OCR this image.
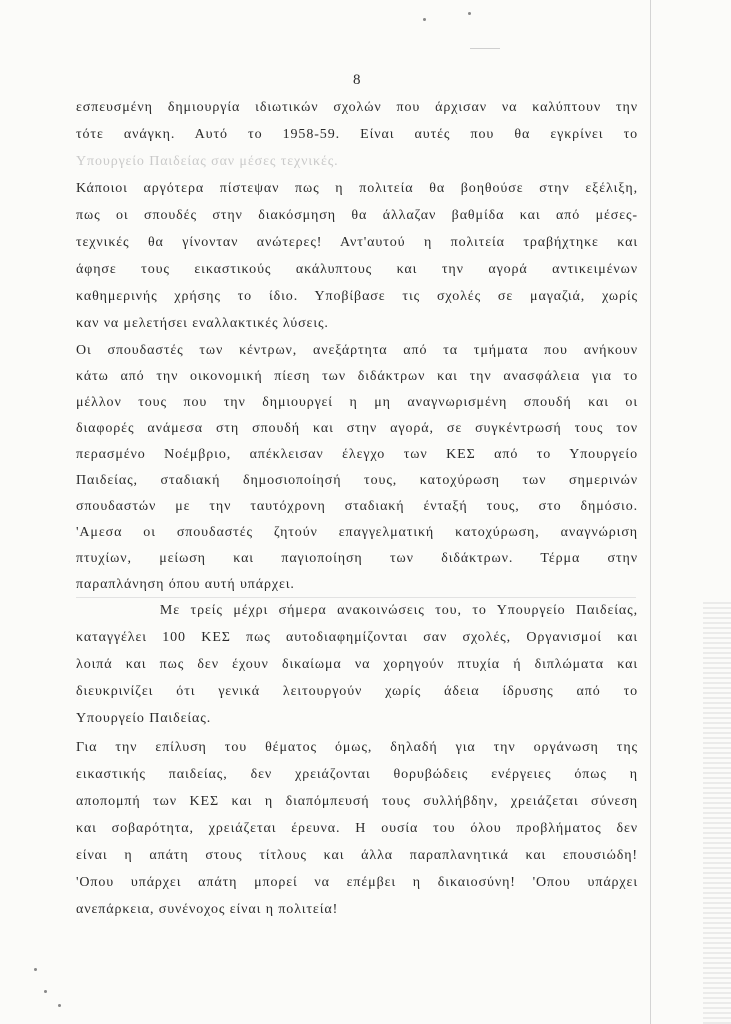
8
εσπευσμένη δημιουργία ιδιωτικών σχολών που άρχισαν να καλύπτουν την
τότε ανάγκη. Αυτό το 1958-59. Είναι αυτές που θα εγκρίνει το
Υπουργείο Παιδείας σαν μέσες τεχνικές.
Κάποιοι αργότερα πίστεψαν πως η πολιτεία θα βοηθούσε στην εξέλιξη,
πως οι σπουδές στην διακόσμηση θα άλλαζαν βαθμίδα και από μέσες-
τεχνικές θα γίνονταν ανώτερες! Αντ'αυτού η πολιτεία τραβήχτηκε και
άφησε τους εικαστικούς ακάλυπτους και την αγορά αντικειμένων
καθημερινής χρήσης το ίδιο. Υποβίβασε τις σχολές σε μαγαζιά, χωρίς
καν να μελετήσει εναλλακτικές λύσεις.
Οι σπουδαστές των κέντρων, ανεξάρτητα από τα τμήματα που ανήκουν
κάτω από την οικονομική πίεση των διδάκτρων και την ανασφάλεια για το
μέλλον τους που την δημιουργεί η μη αναγνωρισμένη σπουδή και οι
διαφορές ανάμεσα στη σπουδή και στην αγορά, σε συγκέντρωσή τους τον
περασμένο Νοέμβριο, απέκλεισαν έλεγχο των ΚΕΣ από το Υπουργείο
Παιδείας, σταδιακή δημοσιοποίησή τους, κατοχύρωση των σημερινών
σπουδαστών με την ταυτόχρονη σταδιακή ένταξή τους, στο δημόσιο.
'Αμεσα οι σπουδαστές ζητούν επαγγελματική κατοχύρωση, αναγνώριση
πτυχίων, μείωση και παγιοποίηση των διδάκτρων. Τέρμα στην
παραπλάνηση όπου αυτή υπάρχει.
Με τρείς μέχρι σήμερα ανακοινώσεις του, το Υπουργείο Παιδείας,
καταγγέλει 100 ΚΕΣ πως αυτοδιαφημίζονται σαν σχολές, Οργανισμοί και
λοιπά και πως δεν έχουν δικαίωμα να χορηγούν πτυχία ή διπλώματα και
διευκρινίζει ότι γενικά λειτουργούν χωρίς άδεια ίδρυσης από το
Υπουργείο Παιδείας.
Για την επίλυση του θέματος όμως, δηλαδή για την οργάνωση της
εικαστικής παιδείας, δεν χρειάζονται θορυβώδεις ενέργειες όπως η
αποπομπή των ΚΕΣ και η διαπόμπευσή τους συλλήβδην, χρειάζεται σύνεση
και σοβαρότητα, χρειάζεται έρευνα. Η ουσία του όλου προβλήματος δεν
είναι η απάτη στους τίτλους και άλλα παραπλανητικά και επουσιώδη!
'Οπου υπάρχει απάτη μπορεί να επέμβει η δικαιοσύνη! 'Οπου υπάρχει
ανεπάρκεια, συνένοχος είναι η πολιτεία!
